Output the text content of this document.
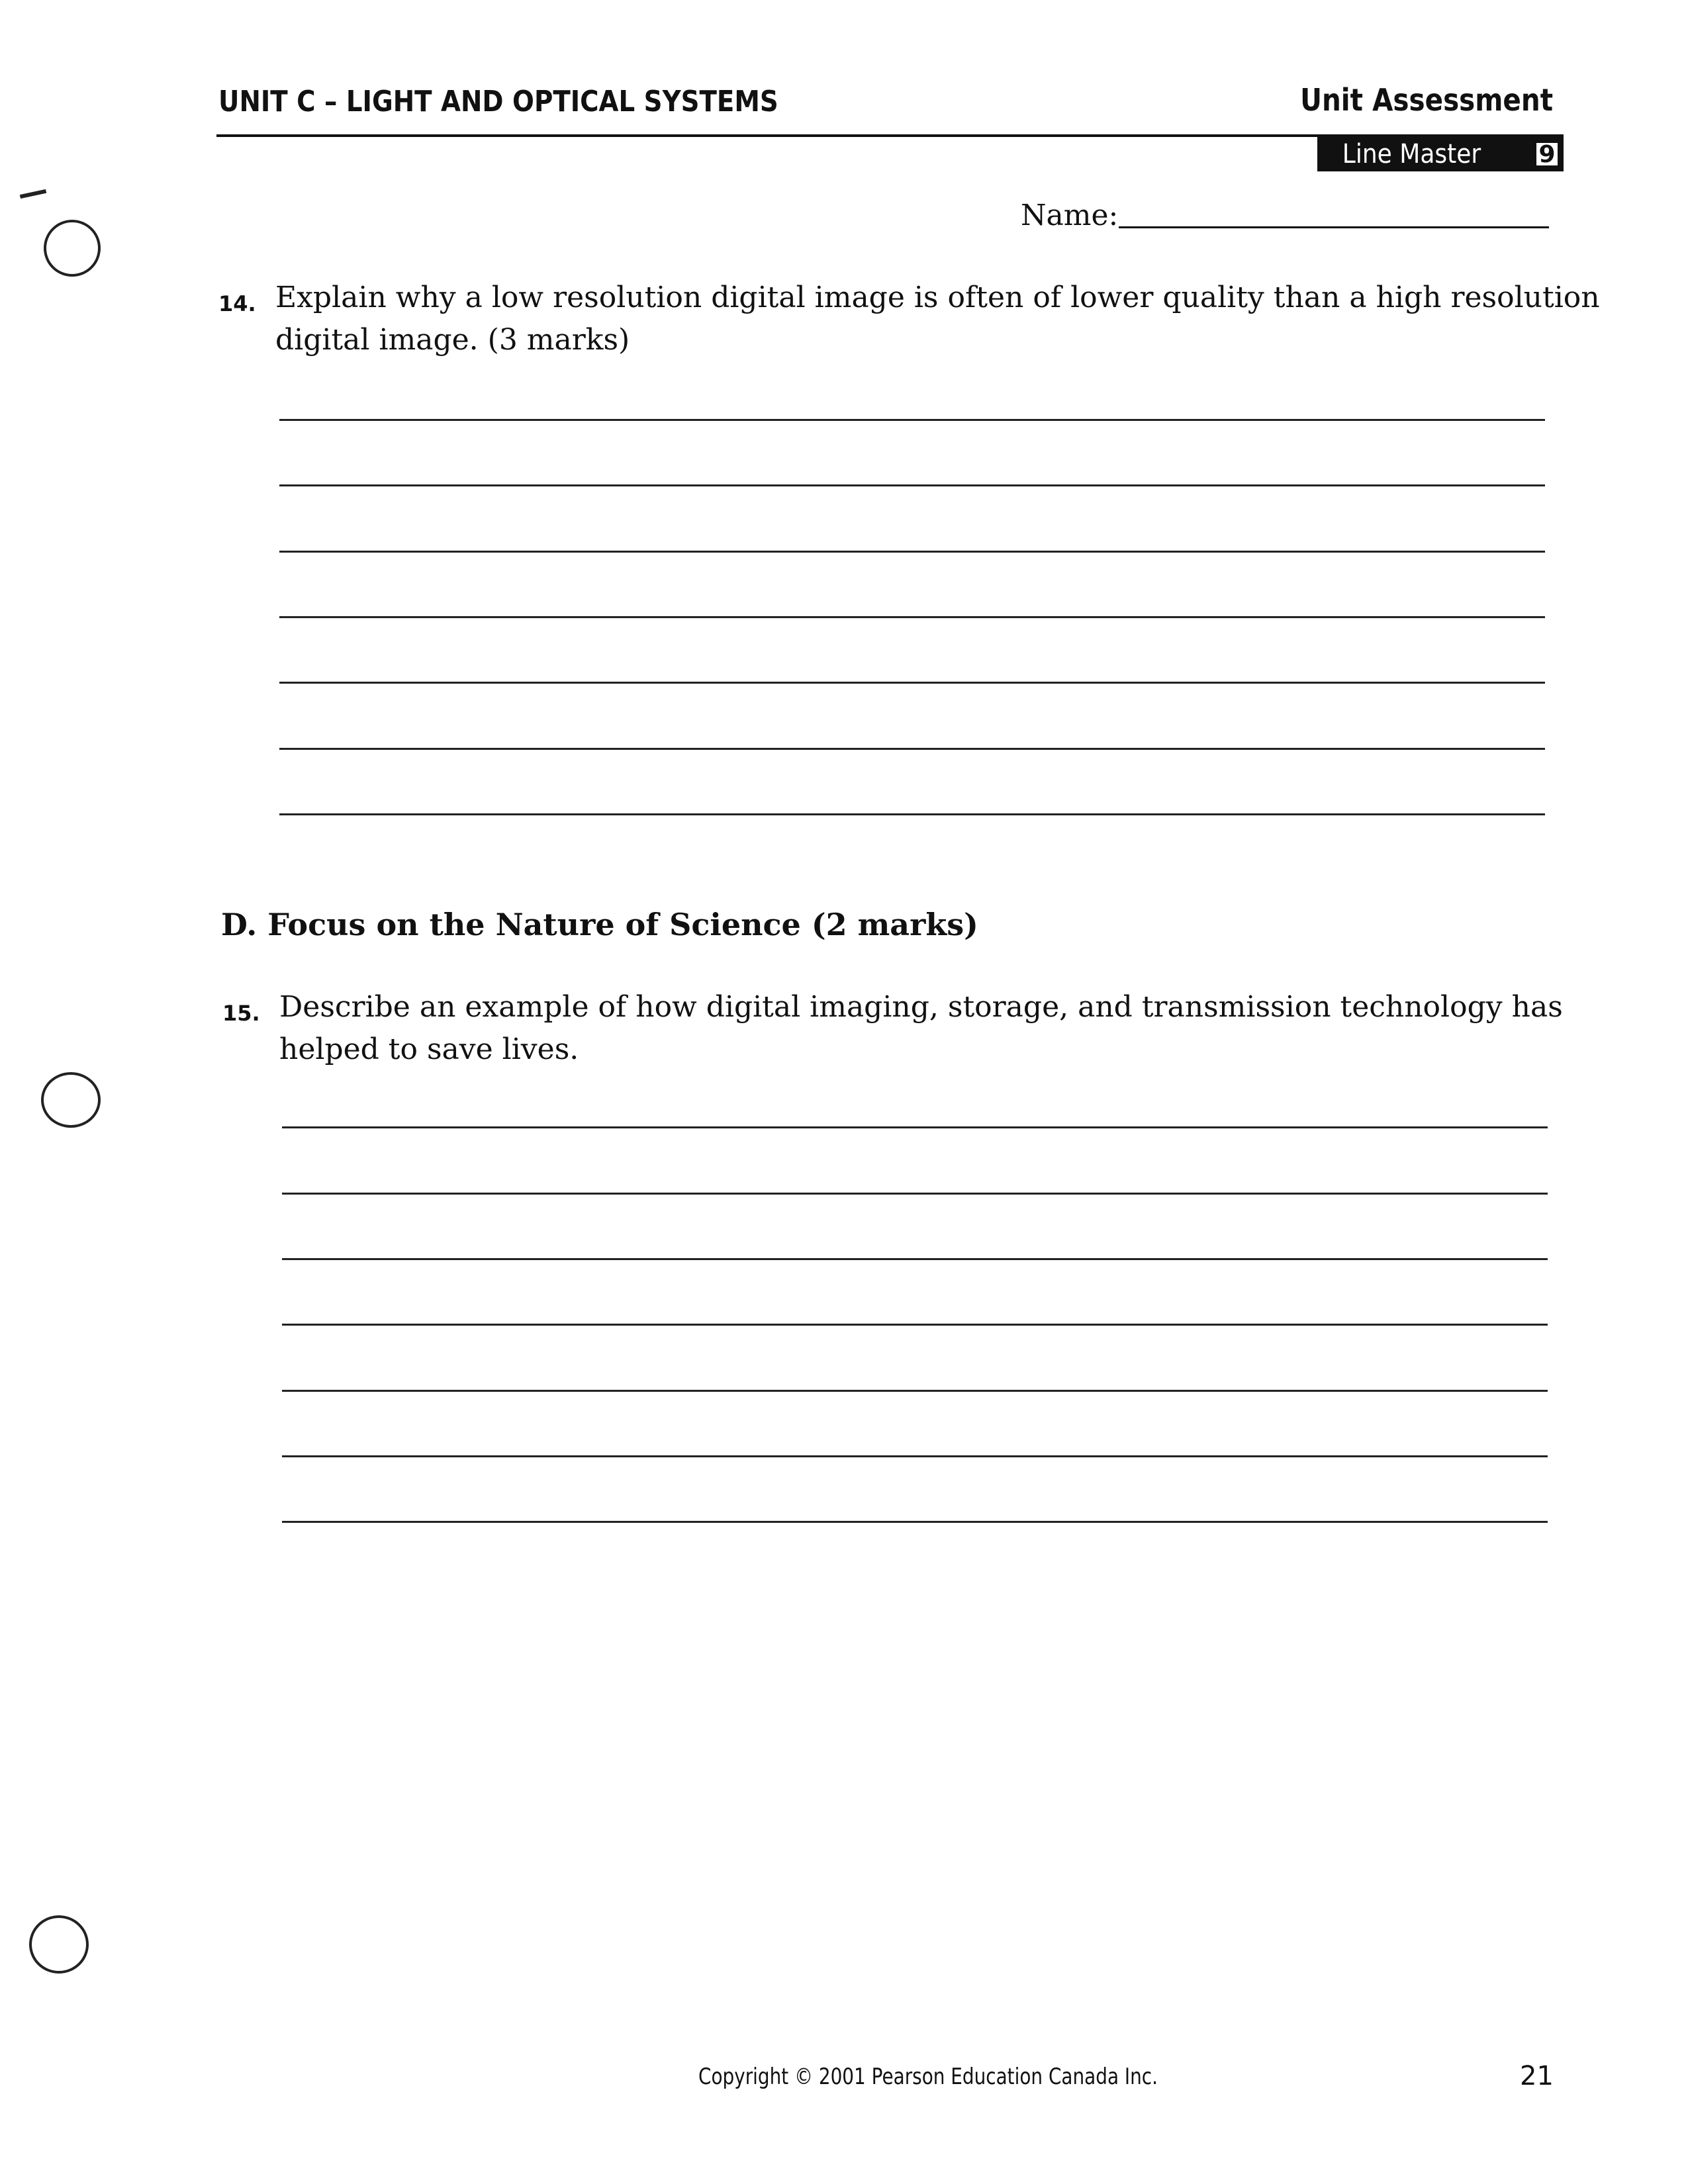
UNIT C – LIGHT AND OPTICAL SYSTEMS	Unit Assessment
Line Master	9
Name:
14. Explain why a low resolution digital image is often of lower quality than a high resolution
digital image. (3 marks)
D. Focus on the Nature of Science (2 marks)
15. Describe an example of how digital imaging, storage, and transmission technology has
helped to save lives.
Copyright © 2001 Pearson Education Canada Inc.	21
